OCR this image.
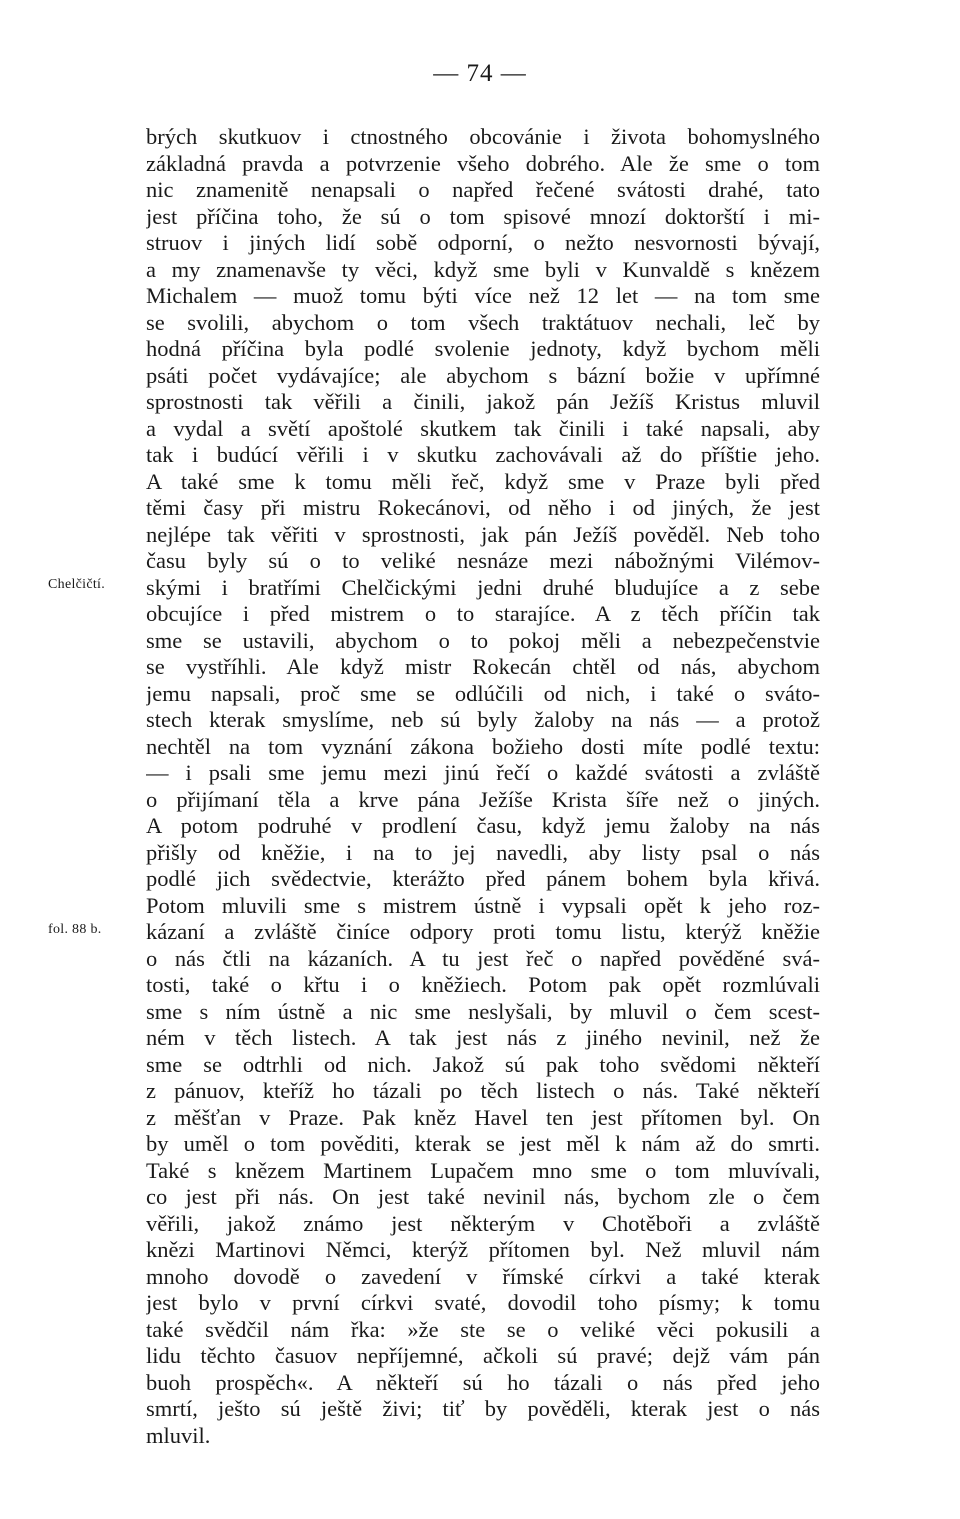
— 74 —
Chelčičtí.
fol. 88 b.
brých skutkuov i ctnostného obcovánie i života bohomyslného
základná pravda a potvrzenie všeho dobrého. Ale že sme o tom
nic znamenitě nenapsali o napřed řečené svátosti drahé, tato
jest příčina toho, že sú o tom spisové mnozí doktorští i mi-
struov i jiných lidí sobě odporní, o nežto nesvornosti bývají,
a my znamenavše ty věci, když sme byli v Kunvaldě s knězem
Michalem — muož tomu býti více než 12 let — na tom sme
se svolili, abychom o tom všech traktátuov nechali, leč by
hodná příčina byla podlé svolenie jednoty, když bychom měli
psáti počet vydávajíce; ale abychom s bázní božie v upřímné
sprostnosti tak věřili a činili, jakož pán Ježíš Kristus mluvil
a vydal a světí apoštolé skutkem tak činili i také napsali, aby
tak i budúcí věřili i v skutku zachovávali až do příštie jeho.
A také sme k tomu měli řeč, když sme v Praze byli před
těmi časy při mistru Rokecánovi, od něho i od jiných, že jest
nejlépe tak věřiti v sprostnosti, jak pán Ježíš pověděl. Neb toho
času byly sú o to veliké nesnáze mezi nábožnými Vilémov-
skými i bratřími Chelčickými jedni druhé bludujíce a z sebe
obcujíce i před mistrem o to starajíce. A z těch příčin tak
sme se ustavili, abychom o to pokoj měli a nebezpečenstvie
se vystříhli. Ale když mistr Rokecán chtěl od nás, abychom
jemu napsali, proč sme se odlúčili od nich, i také o sváto-
stech kterak smyslíme, neb sú byly žaloby na nás — a protož
nechtěl na tom vyznání zákona božieho dosti míte podlé textu:
— i psali sme jemu mezi jinú řečí o každé svátosti a zvláště
o přijímaní těla a krve pána Ježíše Krista šíře než o jiných.
A potom podruhé v prodlení času, když jemu žaloby na nás
přišly od kněžie, i na to jej navedli, aby listy psal o nás
podlé jich svědectvie, kterážto před pánem bohem byla křivá.
Potom mluvili sme s mistrem ústně i vypsali opět k jeho roz-
kázaní a zvláště činíce odpory proti tomu listu, kterýž kněžie
o nás čtli na kázaních. A tu jest řeč o napřed pověděné svá-
tosti, také o křtu i o kněžiech. Potom pak opět rozmlúvali
sme s ním ústně a nic sme neslyšali, by mluvil o čem scest-
ném v těch listech. A tak jest nás z jiného nevinil, než že
sme se odtrhli od nich. Jakož sú pak toho svědomi někteří
z pánuov, kteříž ho tázali po těch listech o nás. Také někteří
z měšťan v Praze. Pak kněz Havel ten jest přítomen byl. On
by uměl o tom pověditi, kterak se jest měl k nám až do smrti.
Také s knězem Martinem Lupačem mno sme o tom mluvívali,
co jest při nás. On jest také nevinil nás, bychom zle o čem
věřili, jakož známo jest některým v Chotěboři a zvláště
knězi Martinovi Němci, kterýž přítomen byl. Než mluvil nám
mnoho dovodě o zavedení v římské církvi a také kterak
jest bylo v první církvi svaté, dovodil toho písmy; k tomu
také svědčil nám řka: »že ste se o veliké věci pokusili a
lidu těchto časuov nepříjemné, ačkoli sú pravé; dejž vám pán
buoh prospěch«. A někteří sú ho tázali o nás před jeho
smrtí, ješto sú ještě živi; tiť by pověděli, kterak jest o nás
mluvil.
